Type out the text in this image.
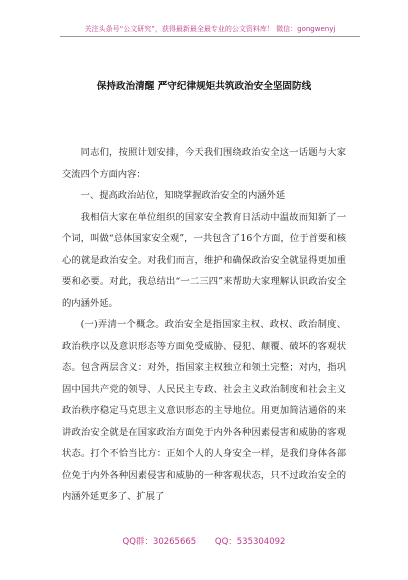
关注头条号“公文研究”，获得最新最全最专业的公文资料库！ 微信：gongwenyj
保持政治清醒 严守纪律规矩共筑政治安全坚固防线

同志们，按照计划安排，今天我们围绕政治安全这一话题与大家交流四个方面内容：

一、提高政治站位，知晓掌握政治安全的内涵外延

我相信大家在单位组织的国家安全教育日活动中温故而知新了一个词，叫做“总体国家安全观”，一共包含了16个方面，位于首要和核心的就是政治安全。对我们而言，维护和确保政治安全就显得更加重要和必要。对此，我总结出“一二三四”来帮助大家理解认识政治安全的内涵外延。

(一)弄清一个概念。政治安全是指国家主权、政权、政治制度、政治秩序以及意识形态等方面免受威胁、侵犯、颠覆、破坏的客观状态。包含两层含义：对外，指国家主权独立和领土完整；对内，指巩固中国共产党的领导、人民民主专政、社会主义政治制度和社会主义政治秩序稳定马克思主义意识形态的主导地位。用更加简洁通俗的来讲政治安全就是在国家政治方面免于内外各种因素侵害和威胁的客观状态。打个不恰当比方：正如个人的人身安全一样，是我们身体各部位免于内外各种因素侵害和威胁的一种客观状态，只不过政治安全的内涵外延更多了、扩展了

QQ群：30265665 QQ：535304092
